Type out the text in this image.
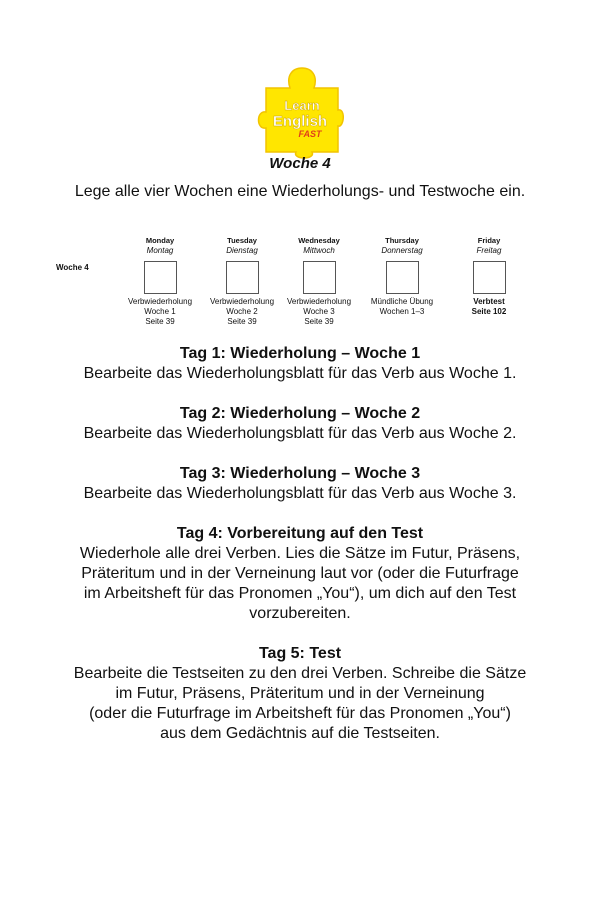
Learn
English
FAST
Woche 4
Lege alle vier Wochen eine Wiederholungs- und Testwoche ein.
Woche 4
Monday
Montag
Verbwiederholung
Woche 1
Seite 39
Tuesday
Dienstag
Verbwiederholung
Woche 2
Seite 39
Wednesday
Mittwoch
Verbwiederholung
Woche 3
Seite 39
Thursday
Donnerstag
Mündliche Übung
Wochen 1–3
Friday
Freitag
Verbtest
Seite 102
Tag 1: Wiederholung – Woche 1
Bearbeite das Wiederholungsblatt für das Verb aus Woche 1.
Tag 2: Wiederholung – Woche 2
Bearbeite das Wiederholungsblatt für das Verb aus Woche 2.
Tag 3: Wiederholung – Woche 3
Bearbeite das Wiederholungsblatt für das Verb aus Woche 3.
Tag 4: Vorbereitung auf den Test
Wiederhole alle drei Verben. Lies die Sätze im Futur, Präsens,
Präteritum und in der Verneinung laut vor (oder die Futurfrage
im Arbeitsheft für das Pronomen „You“), um dich auf den Test
vorzubereiten.
Tag 5: Test
Bearbeite die Testseiten zu den drei Verben. Schreibe die Sätze
im Futur, Präsens, Präteritum und in der Verneinung
(oder die Futurfrage im Arbeitsheft für das Pronomen „You“)
aus dem Gedächtnis auf die Testseiten.
